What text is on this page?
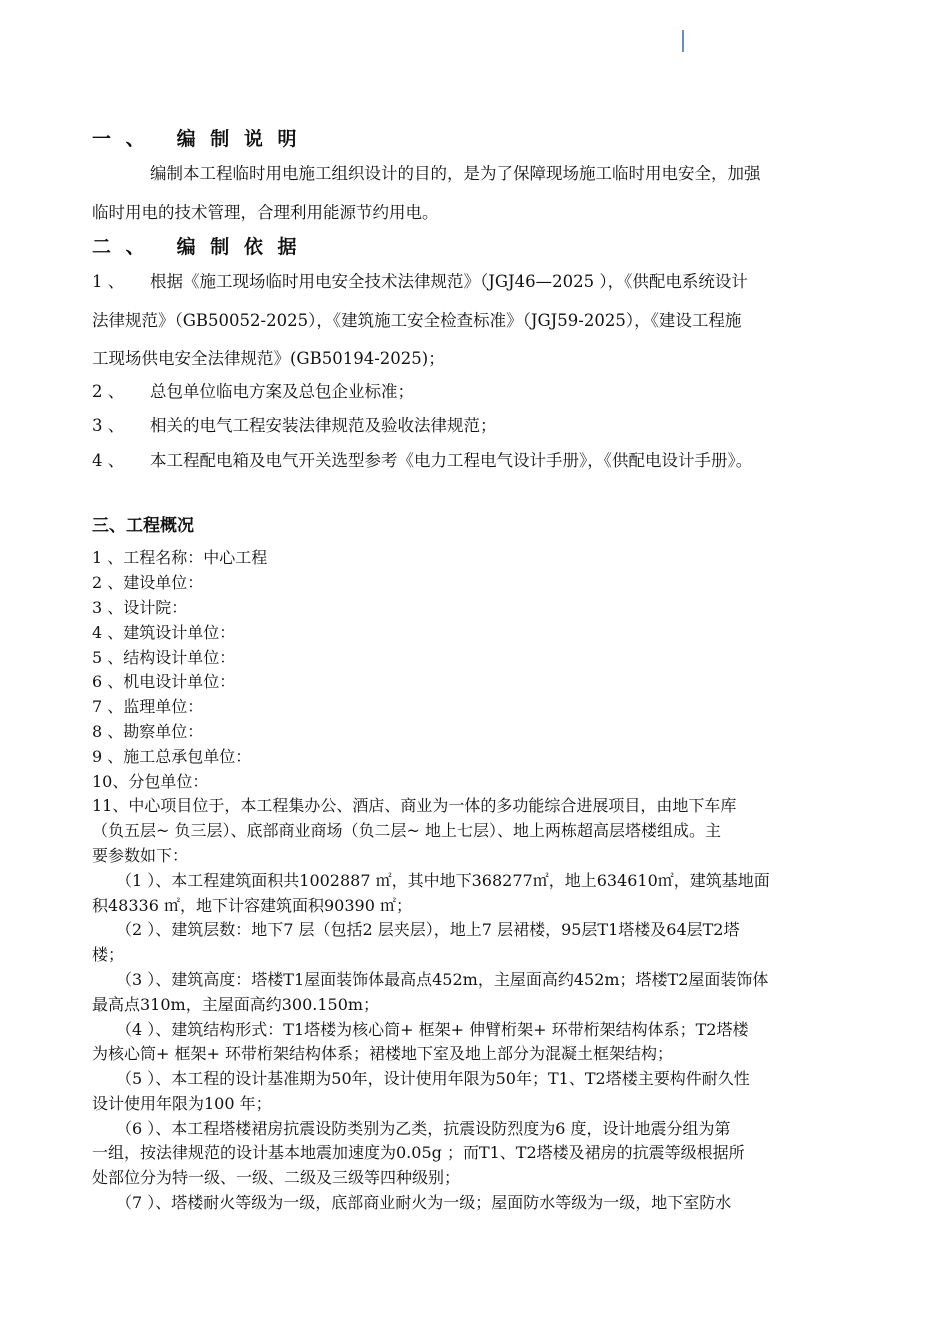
一 、 编 制 说 明
编制本工程临时用电施工组织设计的目的，是为了保障现场施工临时用电安全，加强
临时用电的技术管理，合理利用能源节约用电。
二 、 编 制 依 据
1 、 根据《施工现场临时用电安全技术法律规范》（JGJ46—2025 ），《供配电系统设计
法律规范》（GB50052-2025），《建筑施工安全检查标准》（JGJ59-2025），《建设工程施
工现场供电安全法律规范》(GB50194-2025)；
2 、 总包单位临电方案及总包企业标准；
3 、 相关的电气工程安装法律规范及验收法律规范；
4 、 本工程配电箱及电气开关选型参考《电力工程电气设计手册》，《供配电设计手册》。
三、工程概况
1 、工程名称：中心工程
2 、建设单位：
3 、设计院：
4 、建筑设计单位：
5 、结构设计单位：
6 、机电设计单位：
7 、监理单位：
8 、勘察单位：
9 、施工总承包单位：
10、分包单位：
11、中心项目位于，本工程集办公、酒店、商业为一体的多功能综合进展项目，由地下车库
（负五层~ 负三层）、底部商业商场（负二层~ 地上七层）、地上两栋超高层塔楼组成。主
要参数如下：
（1 ）、本工程建筑面积共1002887 ㎡，其中地下368277㎡，地上634610㎡，建筑基地面
积48336 ㎡，地下计容建筑面积90390 ㎡；
（2 ）、建筑层数：地下7 层（包括2 层夹层），地上7 层裙楼，95层T1塔楼及64层T2塔
楼；
（3 ）、建筑高度：塔楼T1屋面装饰体最高点452m，主屋面高约452m；塔楼T2屋面装饰体
最高点310m，主屋面高约300.150m；
（4 ）、建筑结构形式：T1塔楼为核心筒+ 框架+ 伸臂桁架+ 环带桁架结构体系；T2塔楼
为核心筒+ 框架+ 环带桁架结构体系；裙楼地下室及地上部分为混凝土框架结构；
（5 ）、本工程的设计基准期为50年，设计使用年限为50年；T1、T2塔楼主要构件耐久性
设计使用年限为100 年；
（6 ）、本工程塔楼裙房抗震设防类别为乙类，抗震设防烈度为6 度，设计地震分组为第
一组，按法律规范的设计基本地震加速度为0.05g ；而T1、T2塔楼及裙房的抗震等级根据所
处部位分为特一级、一级、二级及三级等四种级别；
（7 ）、塔楼耐火等级为一级，底部商业耐火为一级；屋面防水等级为一级，地下室防水
